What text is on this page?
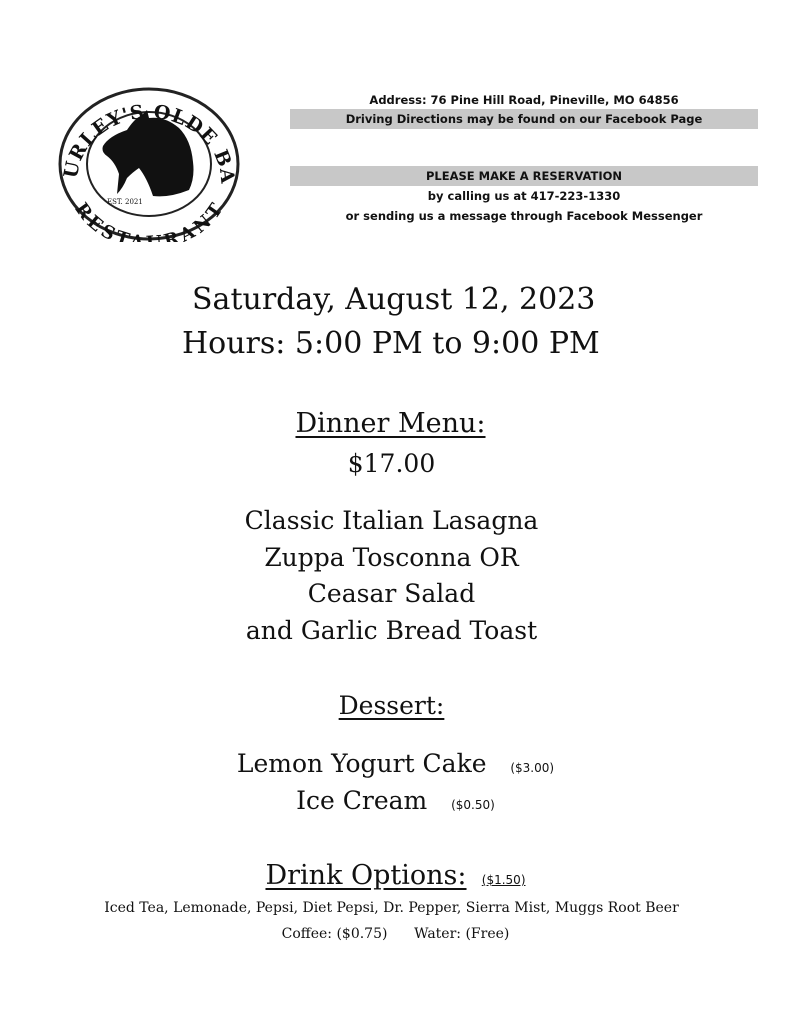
URLEY'S OLDE BA
REST RANT
EST. 2021
Address: 76 Pine Hill Road, Pineville, MO 64856
Driving Directions may be found on our Facebook Page
PLEASE MAKE A RESERVATION
by calling us at 417-223-1330
or sending us a message through Facebook Messenger
Saturday, August 12, 2023
Hours: 5:00 PM to 9:00 PM
Dinner Menu:
$17.00
Classic Italian Lasagna
Zuppa Tosconna OR
Ceasar Salad
and Garlic Bread Toast
Dessert:
Lemon Yogurt Cake ($3.00)
Ice Cream ($0.50)
Drink Options: ($1.50)
Iced Tea, Lemonade, Pepsi, Diet Pepsi, Dr. Pepper, Sierra Mist, Muggs Root Beer
Coffee: ($0.75) Water: (Free)
